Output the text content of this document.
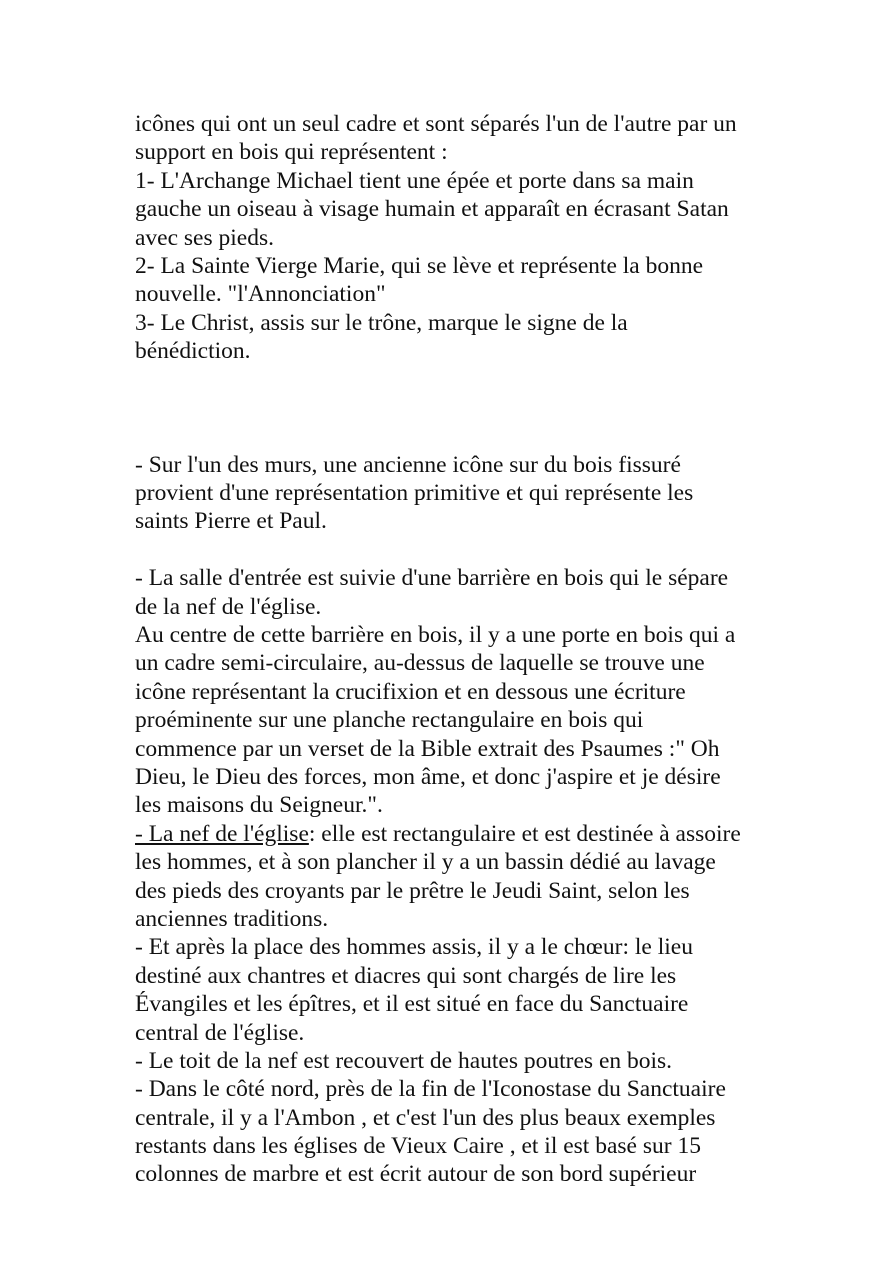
icônes qui ont un seul cadre et sont séparés l'un de l'autre par un
support en bois qui représentent :
1- L'Archange Michael tient une épée et porte dans sa main
gauche un oiseau à visage humain et apparaît en écrasant Satan
avec ses pieds.
2- La Sainte Vierge Marie, qui se lève et représente la bonne
nouvelle. "l'Annonciation"
3- Le Christ, assis sur le trône, marque le signe de la
bénédiction.
- Sur l'un des murs, une ancienne icône sur du bois fissuré
provient d'une représentation primitive et qui représente les
saints Pierre et Paul.
- La salle d'entrée est suivie d'une barrière en bois qui le sépare
de la nef de l'église.
Au centre de cette barrière en bois, il y a une porte en bois qui a
un cadre semi-circulaire, au-dessus de laquelle se trouve une
icône représentant la crucifixion et en dessous une écriture
proéminente sur une planche rectangulaire en bois qui
commence par un verset de la Bible extrait des Psaumes :" Oh
Dieu, le Dieu des forces, mon âme, et donc j'aspire et je désire
les maisons du Seigneur.".
- La nef de l'église: elle est rectangulaire et est destinée à assoire
les hommes, et à son plancher il y a un bassin dédié au lavage
des pieds des croyants par le prêtre le Jeudi Saint, selon les
anciennes traditions.
- Et après la place des hommes assis, il y a le chœur: le lieu
destiné aux chantres et diacres qui sont chargés de lire les
Évangiles et les épîtres, et il est situé en face du Sanctuaire
central de l'église.
- Le toit de la nef est recouvert de hautes poutres en bois.
- Dans le côté nord, près de la fin de l'Iconostase du Sanctuaire
centrale, il y a l'Ambon , et c'est l'un des plus beaux exemples
restants dans les églises de Vieux Caire , et il est basé sur 15
colonnes de marbre et est écrit autour de son bord supérieur
